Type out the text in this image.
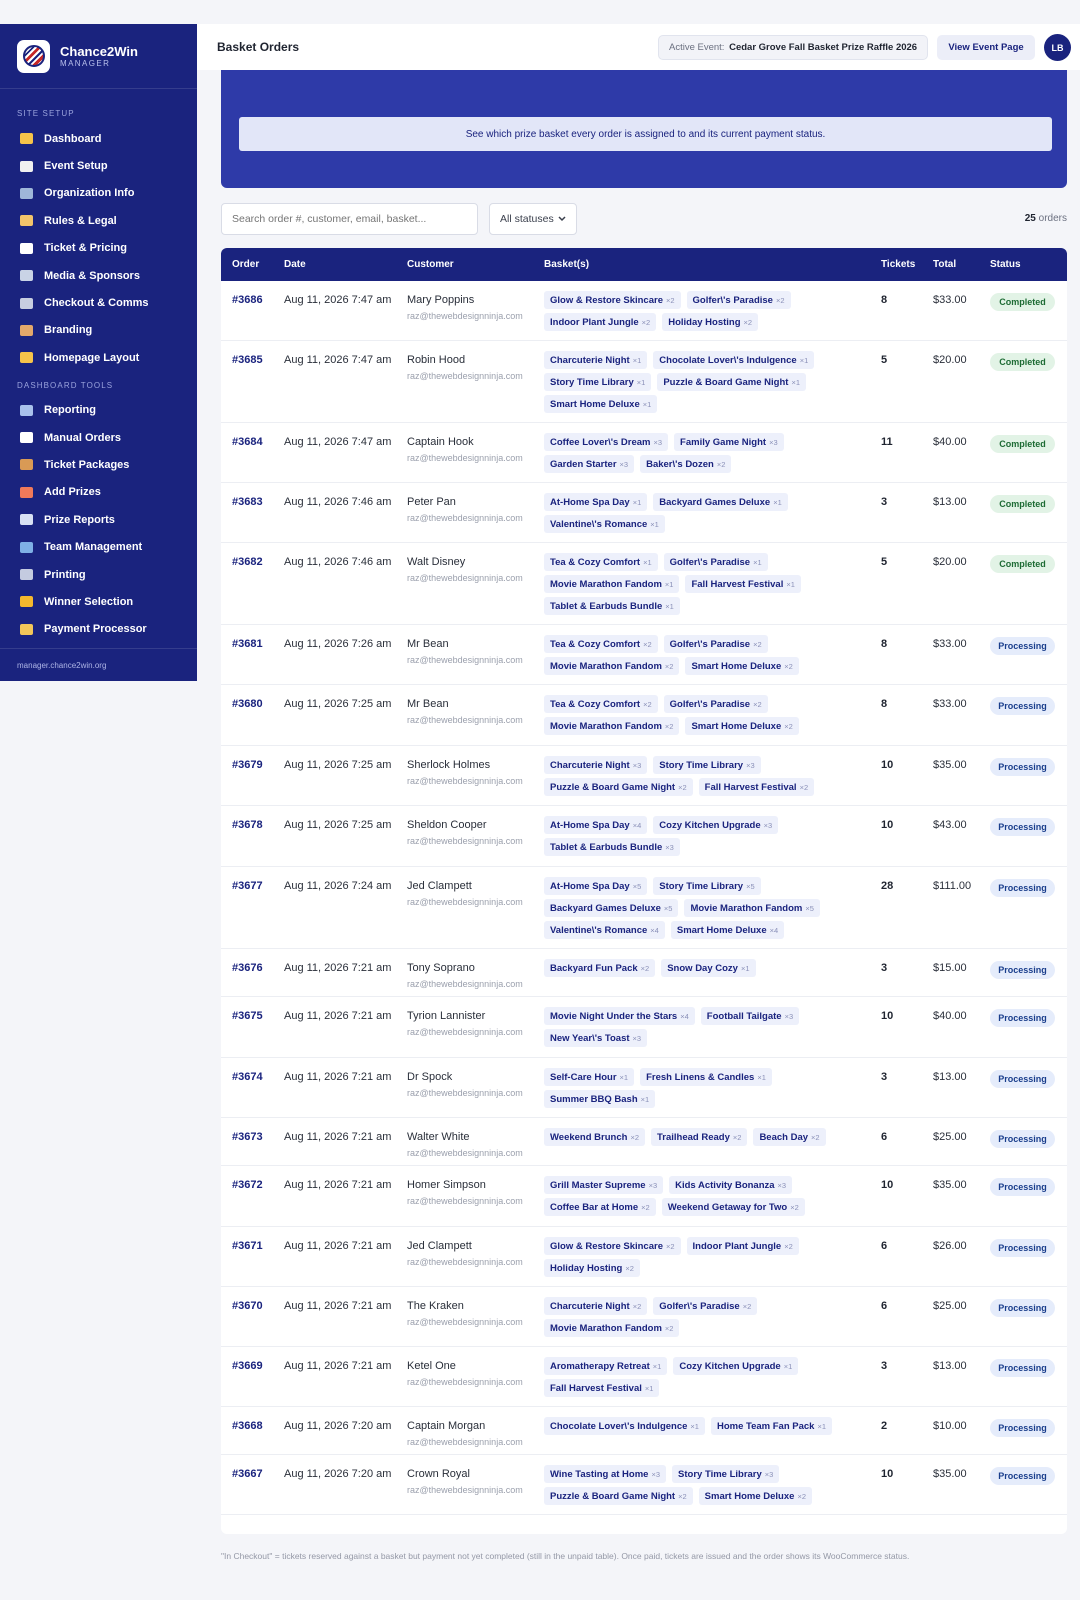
Chance2Win
MANAGER
SITE SETUP
Dashboard
Event Setup
Organization Info
Rules & Legal
Ticket & Pricing
Media & Sponsors
Checkout & Comms
Branding
Homepage Layout
DASHBOARD TOOLS
Reporting
Manual Orders
Ticket Packages
Add Prizes
Prize Reports
Team Management
Printing
Winner Selection
Payment Processor
manager.chance2win.org
Basket Orders	Active Event:
Cedar Grove Fall Basket Prize Raffle 2026	View Event Page	LB
See which prize basket every order is assigned to and its current payment status.
Search order #, customer, email, basket...
All statuses	25 orders
Order Date	Customer	Basket(s)	Tickets Total	Status
#3686 Aug 11, 2026 7:47 am Mary Poppins
raz@thewebdesignninja.com
Glow & Restore Skincare ×2 Golfer\'s Paradise ×2
Indoor Plant Jungle ×2 Holiday Hosting ×2
8	$33.00	Completed
#3685 Aug 11, 2026 7:47 am Robin Hood
raz@thewebdesignninja.com
Charcuterie Night ×1 Chocolate Lover\'s Indulgence ×1
Story Time Library ×1 Puzzle & Board Game Night ×1
Smart Home Deluxe ×1
5	$20.00	Completed
#3684 Aug 11, 2026 7:47 am Captain Hook
raz@thewebdesignninja.com
Coffee Lover\'s Dream ×3 Family Game Night ×3
Garden Starter ×3 Baker\'s Dozen ×2
11	$40.00	Completed
#3683 Aug 11, 2026 7:46 am Peter Pan
raz@thewebdesignninja.com
At-Home Spa Day ×1 Backyard Games Deluxe ×1
Valentine\'s Romance ×1
3	$13.00	Completed
#3682 Aug 11, 2026 7:46 am Walt Disney
raz@thewebdesignninja.com
Tea & Cozy Comfort ×1 Golfer\'s Paradise ×1
Movie Marathon Fandom ×1 Fall Harvest Festival ×1
Tablet & Earbuds Bundle ×1
5	$20.00	Completed
#3681 Aug 11, 2026 7:26 am Mr Bean
raz@thewebdesignninja.com
Tea & Cozy Comfort ×2 Golfer\'s Paradise ×2
Movie Marathon Fandom ×2 Smart Home Deluxe ×2
8	$33.00	Processing
#3680 Aug 11, 2026 7:25 am Mr Bean
raz@thewebdesignninja.com
Tea & Cozy Comfort ×2 Golfer\'s Paradise ×2
Movie Marathon Fandom ×2 Smart Home Deluxe ×2
8	$33.00	Processing
#3679 Aug 11, 2026 7:25 am Sherlock Holmes
raz@thewebdesignninja.com
Charcuterie Night ×3 Story Time Library ×3
Puzzle & Board Game Night ×2 Fall Harvest Festival ×2
10	$35.00	Processing
#3678 Aug 11, 2026 7:25 am Sheldon Cooper
raz@thewebdesignninja.com
At-Home Spa Day ×4 Cozy Kitchen Upgrade ×3
Tablet & Earbuds Bundle ×3
10	$43.00	Processing
#3677 Aug 11, 2026 7:24 am Jed Clampett
raz@thewebdesignninja.com
At-Home Spa Day ×5 Story Time Library ×5
Backyard Games Deluxe ×5 Movie Marathon Fandom ×5
Valentine\'s Romance ×4 Smart Home Deluxe ×4
28	$111.00	Processing
#3676 Aug 11, 2026 7:21 am Tony Soprano
raz@thewebdesignninja.com
Backyard Fun Pack ×2 Snow Day Cozy ×1	3	$15.00	Processing
#3675 Aug 11, 2026 7:21 am Tyrion Lannister
raz@thewebdesignninja.com
Movie Night Under the Stars ×4 Football Tailgate ×3
New Year\'s Toast ×3
10	$40.00	Processing
#3674 Aug 11, 2026 7:21 am Dr Spock
raz@thewebdesignninja.com
Self-Care Hour ×1 Fresh Linens & Candles ×1
Summer BBQ Bash ×1
3	$13.00	Processing
#3673 Aug 11, 2026 7:21 am Walter White
raz@thewebdesignninja.com
Weekend Brunch ×2 Trailhead Ready ×2 Beach Day ×2	6	$25.00	Processing
#3672 Aug 11, 2026 7:21 am Homer Simpson
raz@thewebdesignninja.com
Grill Master Supreme ×3 Kids Activity Bonanza ×3
Coffee Bar at Home ×2 Weekend Getaway for Two ×2
10	$35.00	Processing
#3671 Aug 11, 2026 7:21 am Jed Clampett
raz@thewebdesignninja.com
Glow & Restore Skincare ×2 Indoor Plant Jungle ×2
Holiday Hosting ×2
6	$26.00	Processing
#3670 Aug 11, 2026 7:21 am The Kraken
raz@thewebdesignninja.com
Charcuterie Night ×2 Golfer\'s Paradise ×2
Movie Marathon Fandom ×2
6	$25.00	Processing
#3669 Aug 11, 2026 7:21 am Ketel One
raz@thewebdesignninja.com
Aromatherapy Retreat ×1 Cozy Kitchen Upgrade ×1
Fall Harvest Festival ×1
3	$13.00	Processing
#3668 Aug 11, 2026 7:20 am Captain Morgan
raz@thewebdesignninja.com
Chocolate Lover\'s Indulgence ×1 Home Team Fan Pack ×1	2	$10.00	Processing
#3667 Aug 11, 2026 7:20 am Crown Royal
raz@thewebdesignninja.com
Wine Tasting at Home ×3 Story Time Library ×3
Puzzle & Board Game Night ×2 Smart Home Deluxe ×2
10	$35.00	Processing
"In Checkout" = tickets reserved against a basket but payment not yet completed (still in the unpaid table). Once paid, tickets are issued and the order shows its WooCommerce status.
